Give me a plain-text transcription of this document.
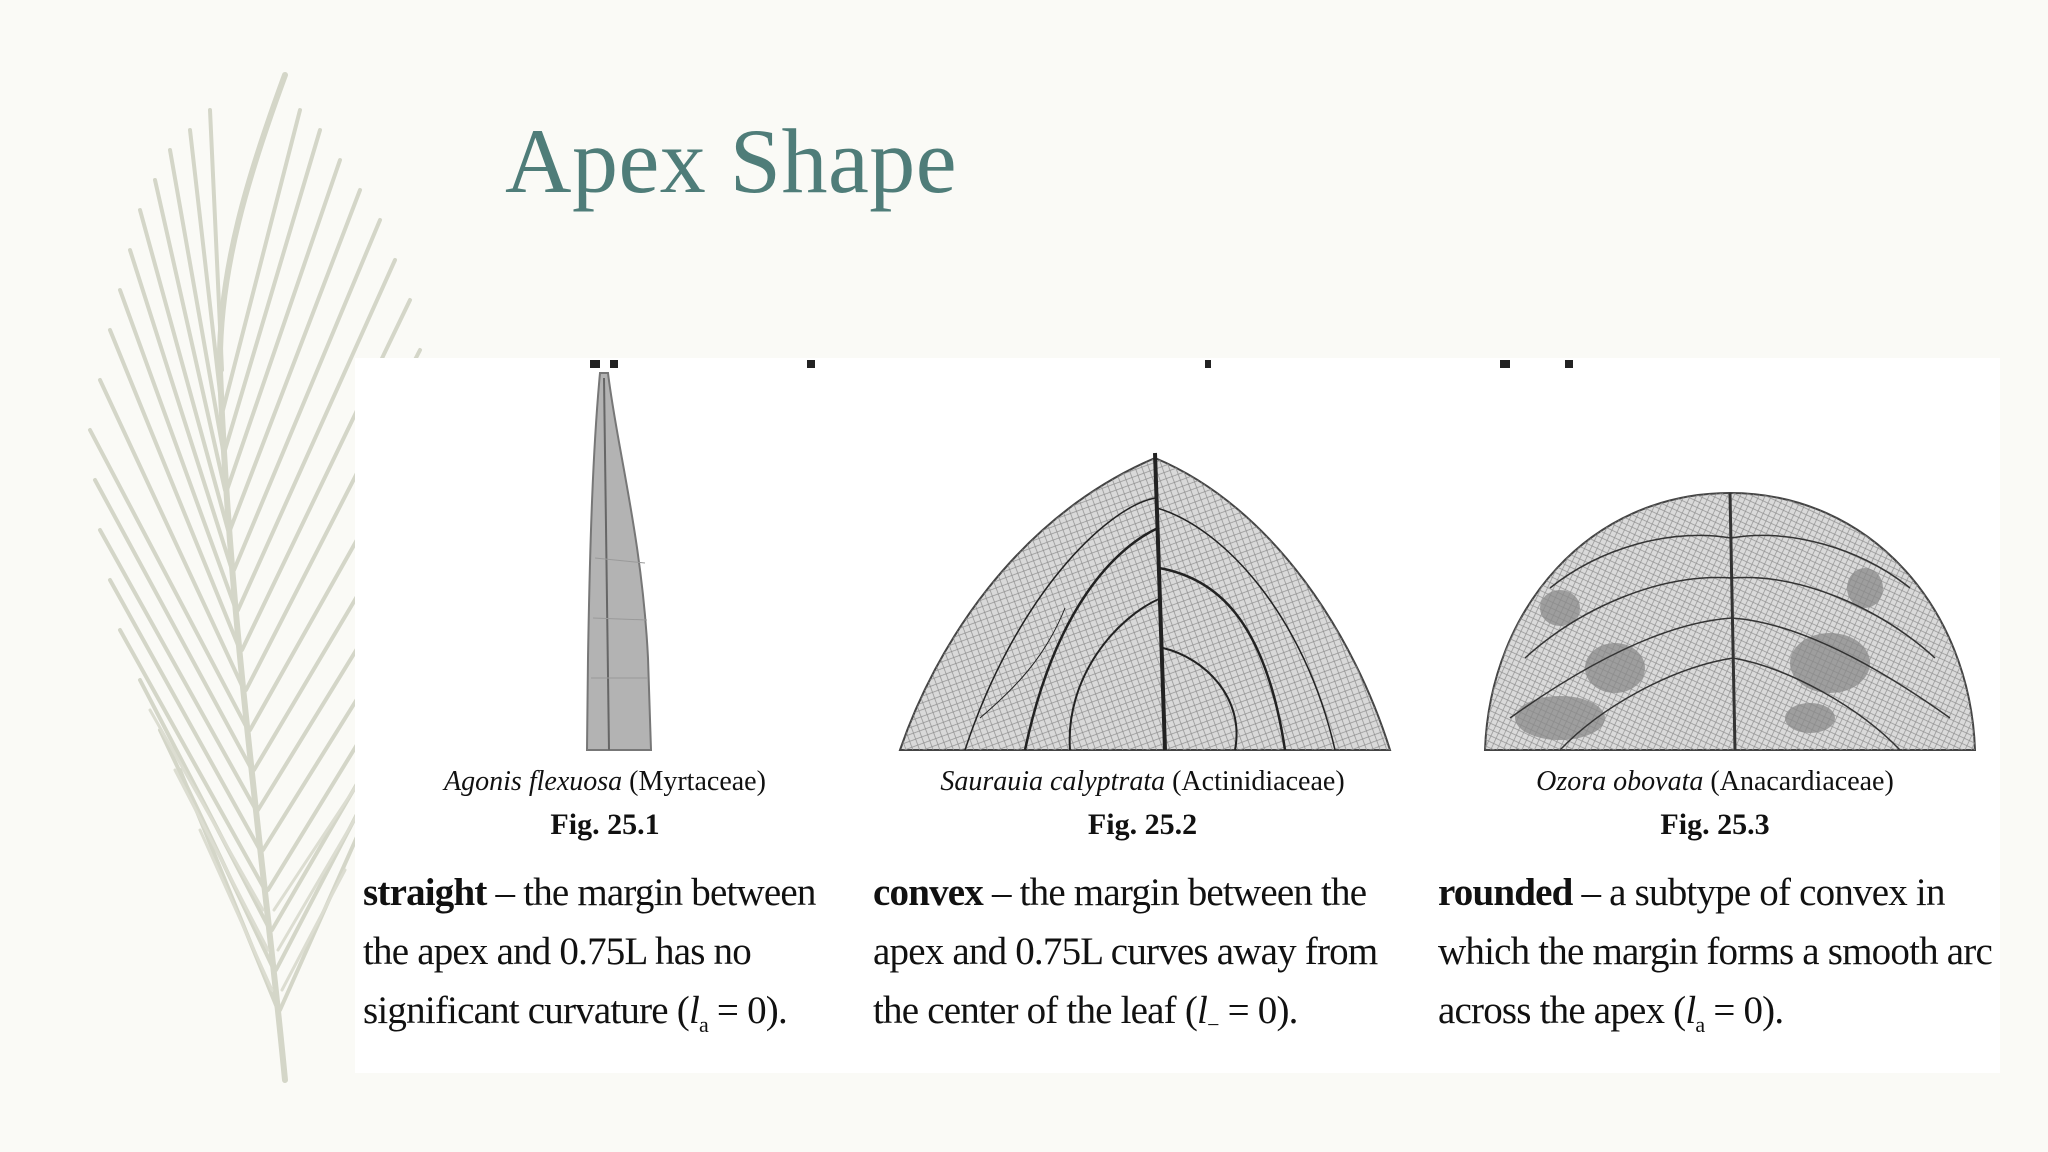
Apex Shape
Agonis flexuosa (Myrtaceae)
Fig. 25.1
straight – the margin between the apex and 0.75L has no significant curvature $(l_a = 0)$.
Saurauia calyptrata (Actinidiaceae)
Fig. 25.2
convex – the margin between the apex and 0.75L curves away from the center of the leaf $(l_- = 0)$.
Ozora obovata (Anacardiaceae)
Fig. 25.3
rounded – a subtype of convex in which the margin forms a smooth arc across the apex $(l_a = 0)$.
